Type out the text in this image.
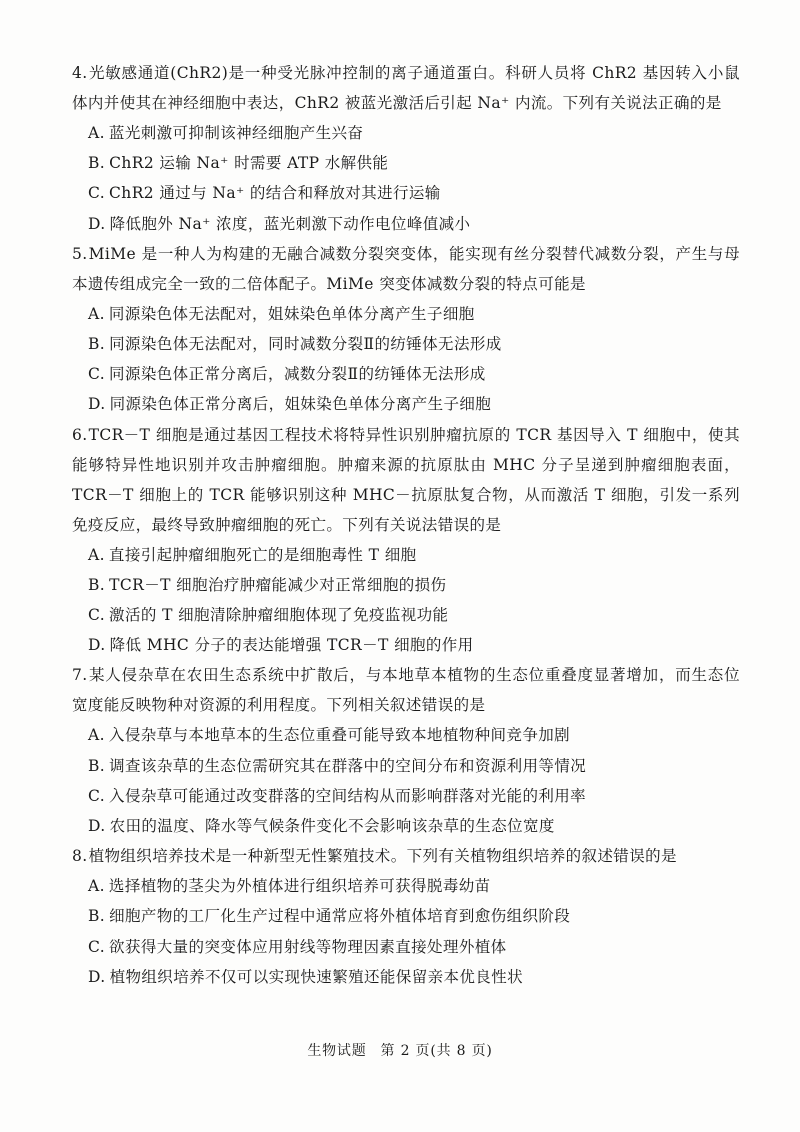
4.光敏感通道(ChR2)是一种受光脉冲控制的离子通道蛋白。科研人员将 ChR2 基因转入小鼠体内并使其在神经细胞中表达，ChR2 被蓝光激活后引起 Na⁺ 内流。下列有关说法正确的是

A. 蓝光刺激可抑制该神经细胞产生兴奋

B. ChR2 运输 Na⁺ 时需要 ATP 水解供能

C. ChR2 通过与 Na⁺ 的结合和释放对其进行运输

D. 降低胞外 Na⁺ 浓度，蓝光刺激下动作电位峰值减小

5.MiMe 是一种人为构建的无融合减数分裂突变体，能实现有丝分裂替代减数分裂，产生与母本遗传组成完全一致的二倍体配子。MiMe 突变体减数分裂的特点可能是

A. 同源染色体无法配对，姐妹染色单体分离产生子细胞

B. 同源染色体无法配对，同时减数分裂Ⅱ的纺锤体无法形成

C. 同源染色体正常分离后，减数分裂Ⅱ的纺锤体无法形成

D. 同源染色体正常分离后，姐妹染色单体分离产生子细胞

6.TCR－T 细胞是通过基因工程技术将特异性识别肿瘤抗原的 TCR 基因导入 T 细胞中，使其能够特异性地识别并攻击肿瘤细胞。肿瘤来源的抗原肽由 MHC 分子呈递到肿瘤细胞表面，TCR－T 细胞上的 TCR 能够识别这种 MHC－抗原肽复合物，从而激活 T 细胞，引发一系列免疫反应，最终导致肿瘤细胞的死亡。下列有关说法错误的是

A. 直接引起肿瘤细胞死亡的是细胞毒性 T 细胞

B. TCR－T 细胞治疗肿瘤能减少对正常细胞的损伤

C. 激活的 T 细胞清除肿瘤细胞体现了免疫监视功能

D. 降低 MHC 分子的表达能增强 TCR－T 细胞的作用

7.某人侵杂草在农田生态系统中扩散后，与本地草本植物的生态位重叠度显著增加，而生态位宽度能反映物种对资源的利用程度。下列相关叙述错误的是

A. 入侵杂草与本地草本的生态位重叠可能导致本地植物种间竞争加剧

B. 调查该杂草的生态位需研究其在群落中的空间分布和资源利用等情况

C. 入侵杂草可能通过改变群落的空间结构从而影响群落对光能的利用率

D. 农田的温度、降水等气候条件变化不会影响该杂草的生态位宽度

8.植物组织培养技术是一种新型无性繁殖技术。下列有关植物组织培养的叙述错误的是

A. 选择植物的茎尖为外植体进行组织培养可获得脱毒幼苗

B. 细胞产物的工厂化生产过程中通常应将外植体培育到愈伤组织阶段

C. 欲获得大量的突变体应用射线等物理因素直接处理外植体

D. 植物组织培养不仅可以实现快速繁殖还能保留亲本优良性状

生物试题 第 2 页(共 8 页)
